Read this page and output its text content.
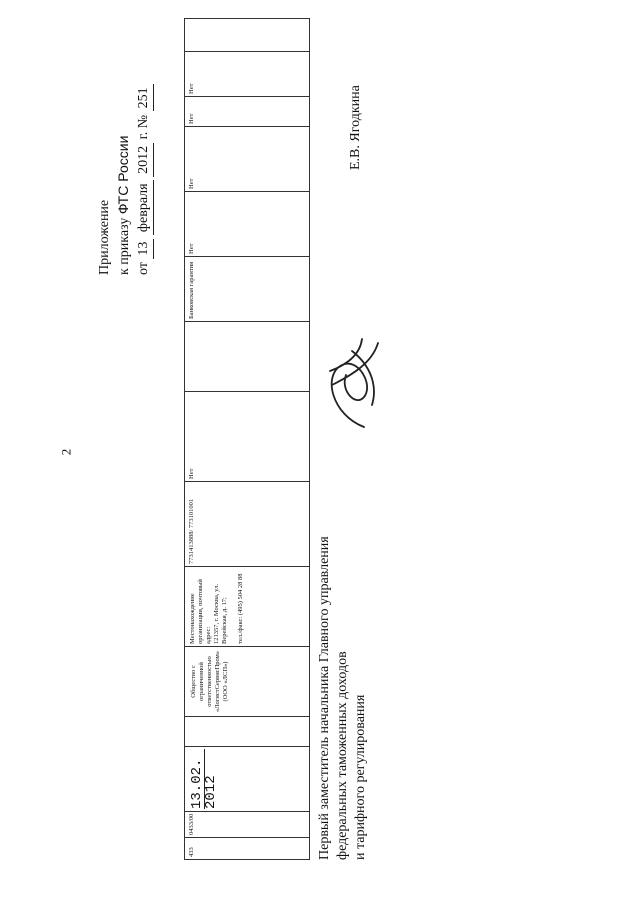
2
Приложение к приказу ФТС России
от 13 февраля 2012 г. № 251
433
0433/00
13.02.
2012
Общество с ограниченной ответственностью «ЛогистСервисПром» (ООО «ЛСП»)
Местонахождение организации, почтовый адрес: 121357, г. Москва, ул. Верейская, д. 17; тел./факс: (495) 504 28 88
7731413888/ 773101001
Нет
Банковская гарантия
Нет
Нет
Нет
Нет
Первый заместитель начальника Главного управления федеральных таможенных доходов и тарифного регулирования
Е.В. Ягодкина
